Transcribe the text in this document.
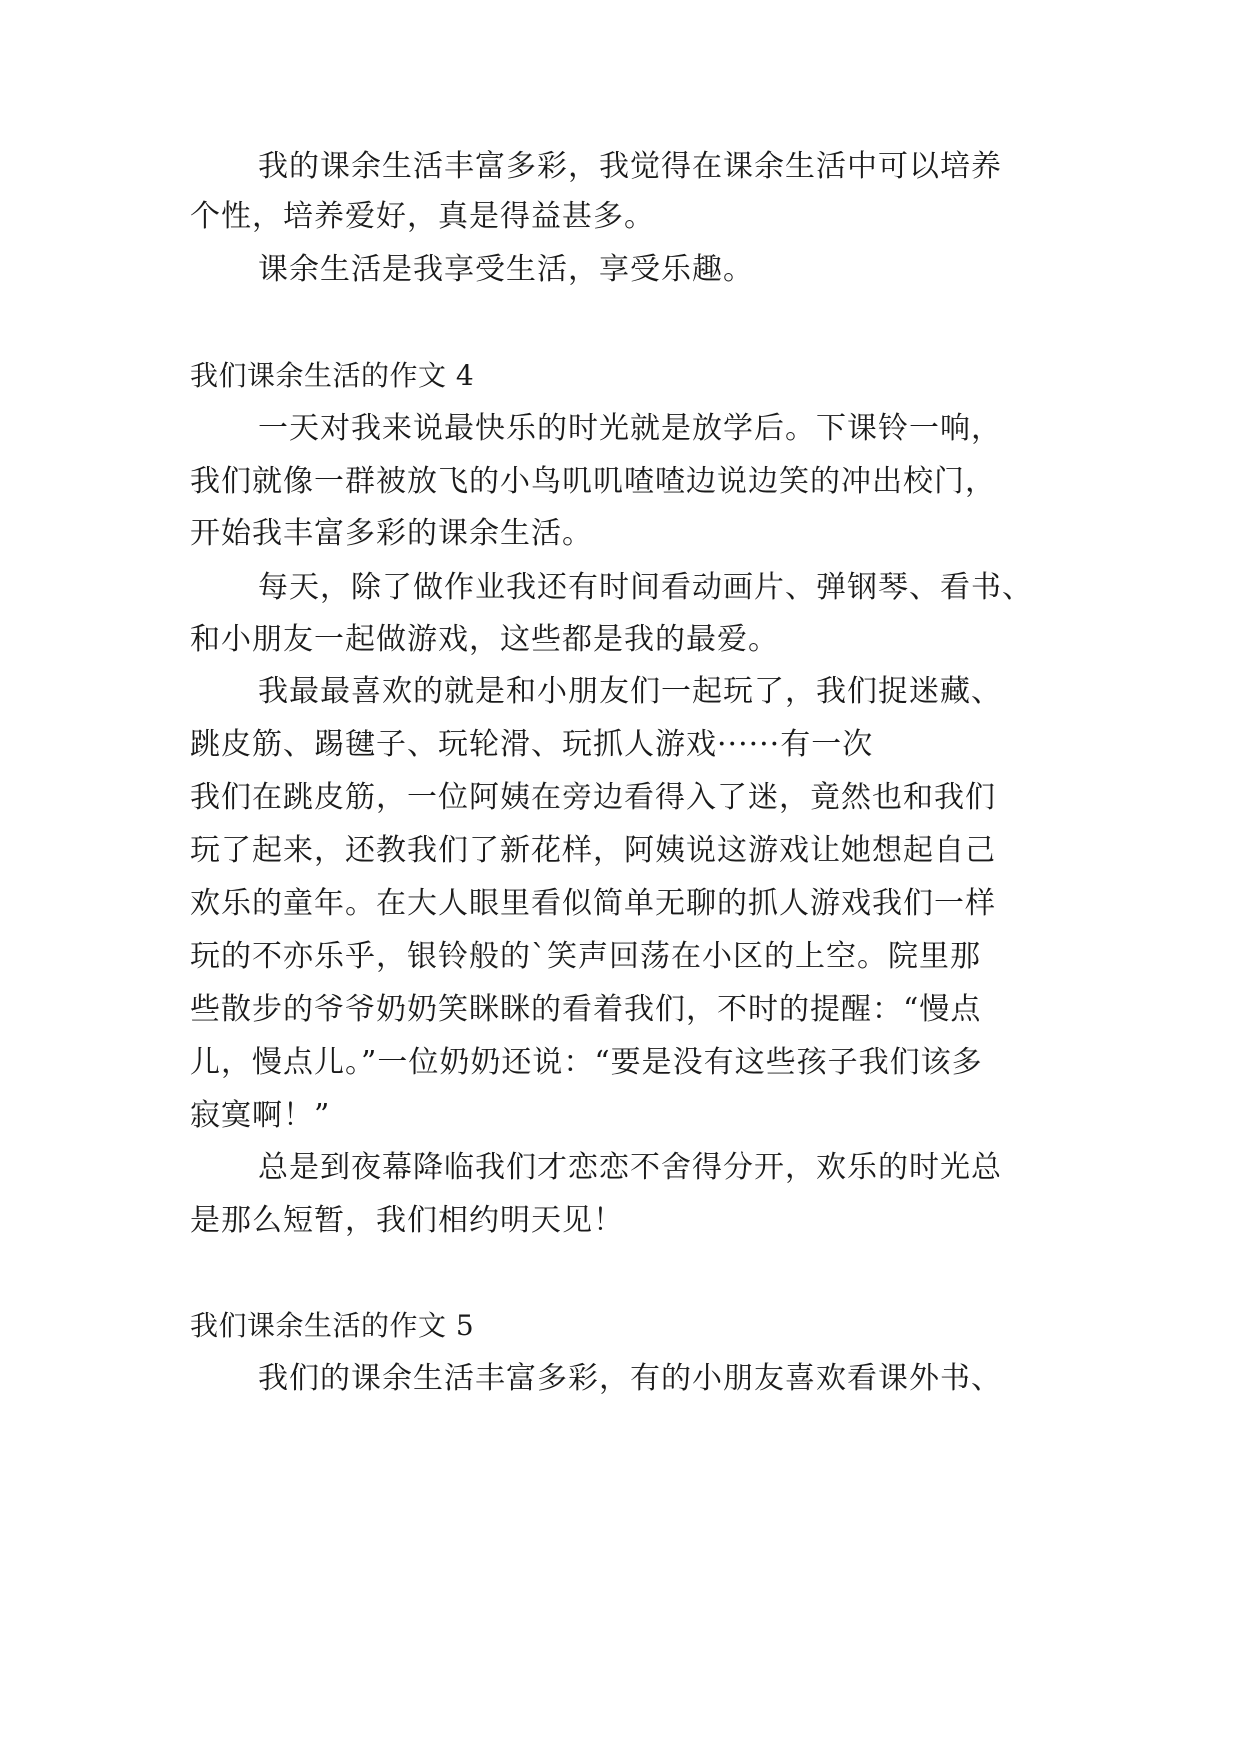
我的课余生活丰富多彩，我觉得在课余生活中可以培养
个性，培养爱好，真是得益甚多。
课余生活是我享受生活，享受乐趣。
我们课余生活的作文 4
一天对我来说最快乐的时光就是放学后。下课铃一响，
我们就像一群被放飞的小鸟叽叽喳喳边说边笑的冲出校门，
开始我丰富多彩的课余生活。
每天，除了做作业我还有时间看动画片、弹钢琴、看书、
和小朋友一起做游戏，这些都是我的最爱。
我最最喜欢的就是和小朋友们一起玩了，我们捉迷藏、
跳皮筋、踢毽子、玩轮滑、玩抓人游戏······有一次
我们在跳皮筋，一位阿姨在旁边看得入了迷，竟然也和我们
玩了起来，还教我们了新花样，阿姨说这游戏让她想起自己
欢乐的童年。在大人眼里看似简单无聊的抓人游戏我们一样
玩的不亦乐乎，银铃般的`笑声回荡在小区的上空。院里那
些散步的爷爷奶奶笑眯眯的看着我们，不时的提醒：“慢点
儿，慢点儿。”一位奶奶还说：“要是没有这些孩子我们该多
寂寞啊！”
总是到夜幕降临我们才恋恋不舍得分开，欢乐的时光总
是那么短暂，我们相约明天见！
我们课余生活的作文 5
我们的课余生活丰富多彩，有的小朋友喜欢看课外书、
